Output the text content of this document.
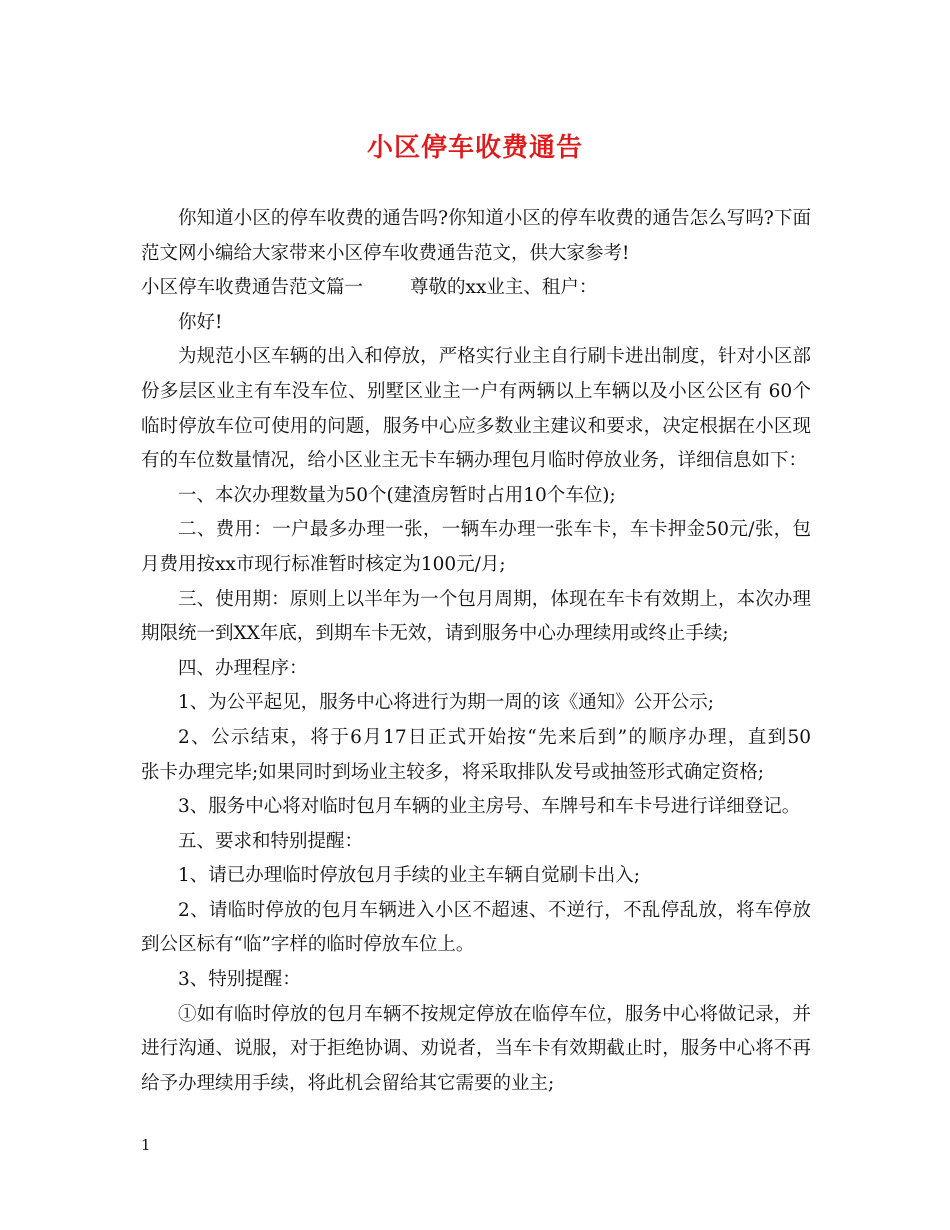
小区停车收费通告
你知道小区的停车收费的通告吗?你知道小区的停车收费的通告怎么写吗?下面
范文网小编给大家带来小区停车收费通告范文，供大家参考!
小区停车收费通告范文篇一	尊敬的xx业主、租户：
你好!
为规范小区车辆的出入和停放，严格实行业主自行刷卡进出制度，针对小区部
份多层区业主有车没车位、别墅区业主一户有两辆以上车辆以及小区公区有 60个
临时停放车位可使用的问题，服务中心应多数业主建议和要求，决定根据在小区现
有的车位数量情况，给小区业主无卡车辆办理包月临时停放业务，详细信息如下：
一、本次办理数量为50个(建渣房暂时占用10个车位);
二、费用：一户最多办理一张，一辆车办理一张车卡，车卡押金50元/张，包
月费用按xx市现行标准暂时核定为100元/月;
三、使用期：原则上以半年为一个包月周期，体现在车卡有效期上，本次办理
期限统一到XX年底，到期车卡无效，请到服务中心办理续用或终止手续;
四、办理程序：
1、为公平起见，服务中心将进行为期一周的该《通知》公开公示;
2、公示结束，将于6月17日正式开始按“先来后到”的顺序办理，直到50
张卡办理完毕;如果同时到场业主较多，将采取排队发号或抽签形式确定资格;
3、服务中心将对临时包月车辆的业主房号、车牌号和车卡号进行详细登记。
五、要求和特别提醒：
1、请已办理临时停放包月手续的业主车辆自觉刷卡出入;
2、请临时停放的包月车辆进入小区不超速、不逆行，不乱停乱放，将车停放
到公区标有“临”字样的临时停放车位上。
3、特别提醒：
①如有临时停放的包月车辆不按规定停放在临停车位，服务中心将做记录，并
进行沟通、说服，对于拒绝协调、劝说者，当车卡有效期截止时，服务中心将不再
给予办理续用手续，将此机会留给其它需要的业主;
1
